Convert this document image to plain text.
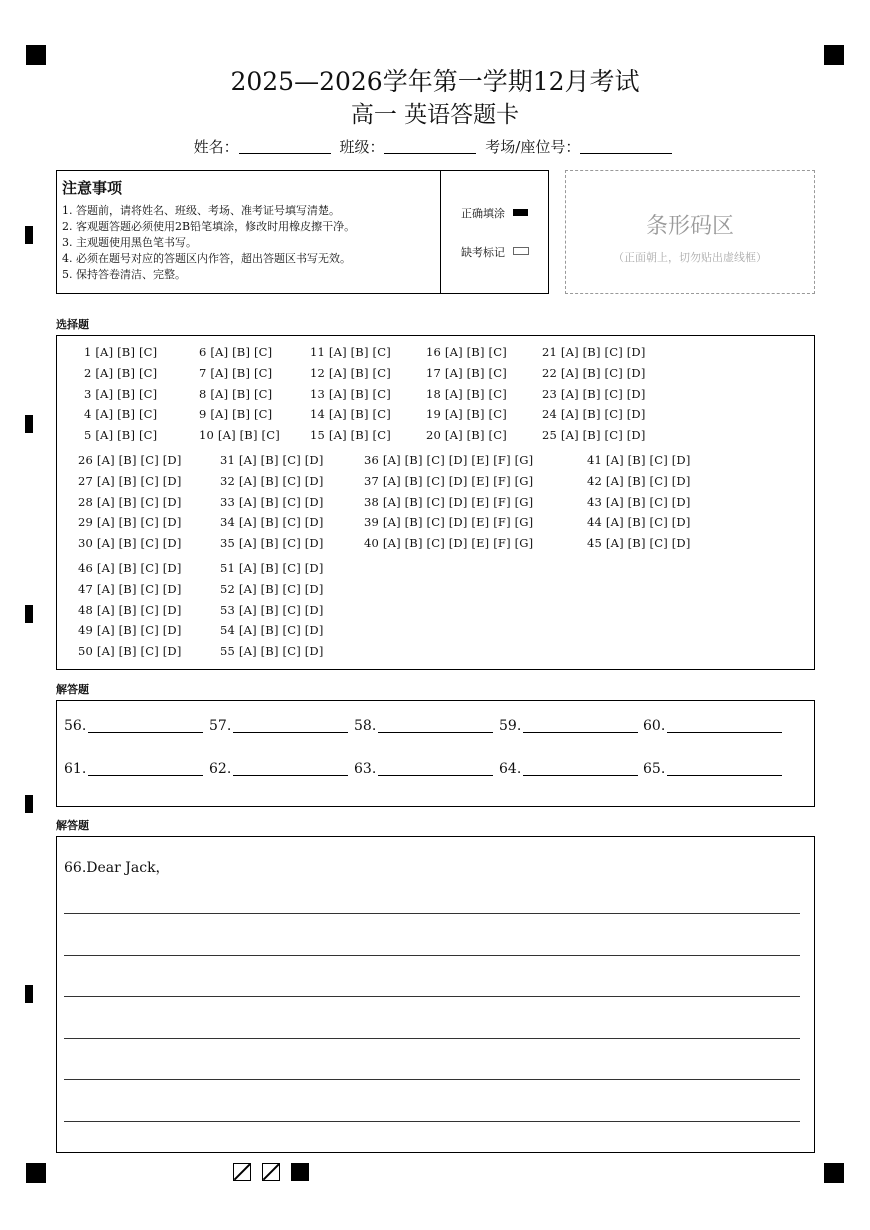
2025—2026学年第一学期12月考试
高一 英语答题卡
姓名：	班级：	考场/座位号：
注意事项
1. 答题前，请将姓名、班级、考场、准考证号填写清楚。
2. 客观题答题必须使用2B铅笔填涂，修改时用橡皮擦干净。
3. 主观题使用黑色笔书写。
4. 必须在题号对应的答题区内作答，超出答题区书写无效。
5. 保持答卷清洁、完整。
正确填涂
缺考标记
条形码区
（正面朝上，切勿贴出虚线框）
选择题
1 [A] [B] [C]
2 [A] [B] [C]
3 [A] [B] [C]
4 [A] [B] [C]
5 [A] [B] [C]
6 [A] [B] [C]
7 [A] [B] [C]
8 [A] [B] [C]
9 [A] [B] [C]
10 [A] [B] [C]
11 [A] [B] [C]
12 [A] [B] [C]
13 [A] [B] [C]
14 [A] [B] [C]
15 [A] [B] [C]
16 [A] [B] [C]
17 [A] [B] [C]
18 [A] [B] [C]
19 [A] [B] [C]
20 [A] [B] [C]
21 [A] [B] [C] [D]
22 [A] [B] [C] [D]
23 [A] [B] [C] [D]
24 [A] [B] [C] [D]
25 [A] [B] [C] [D]
26 [A] [B] [C] [D]
27 [A] [B] [C] [D]
28 [A] [B] [C] [D]
29 [A] [B] [C] [D]
30 [A] [B] [C] [D]
31 [A] [B] [C] [D]
32 [A] [B] [C] [D]
33 [A] [B] [C] [D]
34 [A] [B] [C] [D]
35 [A] [B] [C] [D]
36 [A] [B] [C] [D] [E] [F] [G]
37 [A] [B] [C] [D] [E] [F] [G]
38 [A] [B] [C] [D] [E] [F] [G]
39 [A] [B] [C] [D] [E] [F] [G]
40 [A] [B] [C] [D] [E] [F] [G]
41 [A] [B] [C] [D]
42 [A] [B] [C] [D]
43 [A] [B] [C] [D]
44 [A] [B] [C] [D]
45 [A] [B] [C] [D]
46 [A] [B] [C] [D]
47 [A] [B] [C] [D]
48 [A] [B] [C] [D]
49 [A] [B] [C] [D]
50 [A] [B] [C] [D]
51 [A] [B] [C] [D]
52 [A] [B] [C] [D]
53 [A] [B] [C] [D]
54 [A] [B] [C] [D]
55 [A] [B] [C] [D]
解答题
56.	57.	58.	59.	60.
61.	62.	63.	64.	65.
解答题
66.Dear Jack，
